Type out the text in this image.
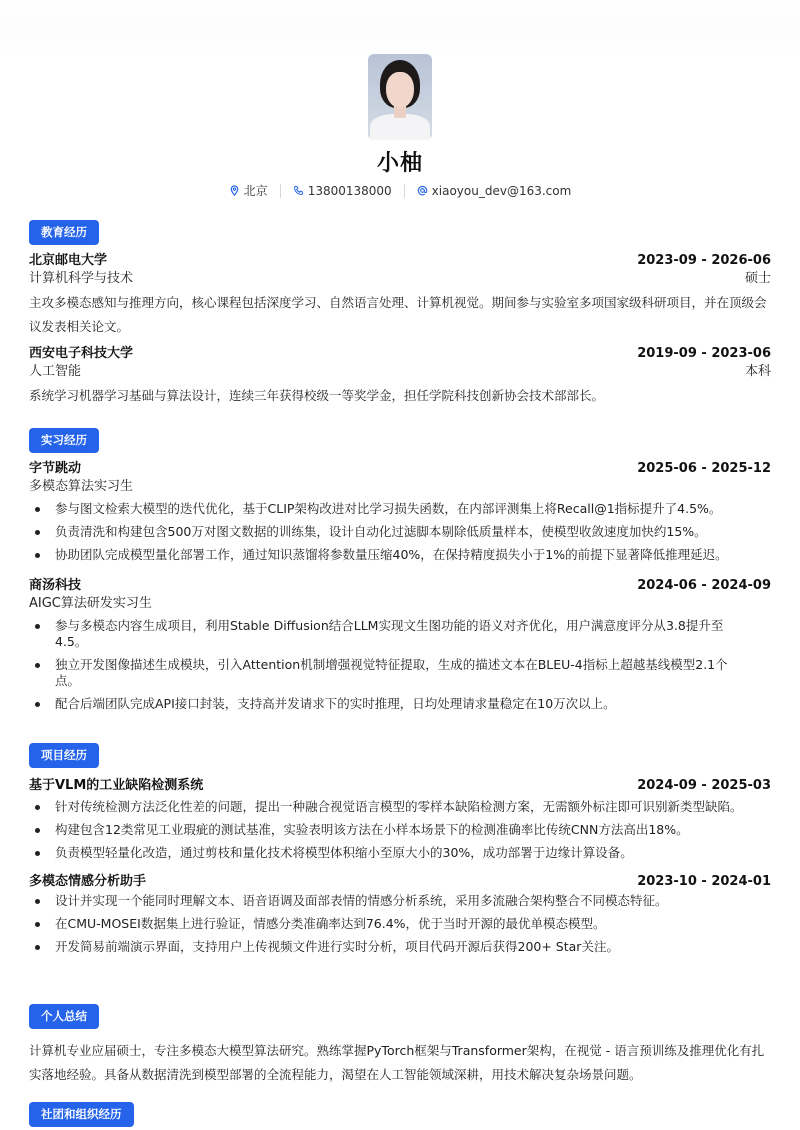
小柚
北京	13800138000	xiaoyou_dev@163.com
教育经历
北京邮电大学	2023-09 - 2026-06
计算机科学与技术	硕士
主攻多模态感知与推理方向，核心课程包括深度学习、自然语言处理、计算机视觉。期间参与实验室多项国家级科研项目，并在顶级会议发表相关论文。
西安电子科技大学	2019-09 - 2023-06
人工智能	本科
系统学习机器学习基础与算法设计，连续三年获得校级一等奖学金，担任学院科技创新协会技术部部长。
实习经历
字节跳动	2025-06 - 2025-12
多模态算法实习生
参与图文检索大模型的迭代优化，基于CLIP架构改进对比学习损失函数，在内部评测集上将Recall@1指标提升了4.5%。
负责清洗和构建包含500万对图文数据的训练集，设计自动化过滤脚本剔除低质量样本，使模型收敛速度加快约15%。
协助团队完成模型量化部署工作，通过知识蒸馏将参数量压缩40%，在保持精度损失小于1%的前提下显著降低推理延迟。
商汤科技	2024-06 - 2024-09
AIGC算法研发实习生
参与多模态内容生成项目，利用Stable Diffusion结合LLM实现文生图功能的语义对齐优化，用户满意度评分从3.8提升至4.5。
独立开发图像描述生成模块，引入Attention机制增强视觉特征提取，生成的描述文本在BLEU-4指标上超越基线模型2.1个点。
配合后端团队完成API接口封装，支持高并发请求下的实时推理，日均处理请求量稳定在10万次以上。
项目经历
基于VLM的工业缺陷检测系统	2024-09 - 2025-03
针对传统检测方法泛化性差的问题，提出一种融合视觉语言模型的零样本缺陷检测方案，无需额外标注即可识别新类型缺陷。
构建包含12类常见工业瑕疵的测试基准，实验表明该方法在小样本场景下的检测准确率比传统CNN方法高出18%。
负责模型轻量化改造，通过剪枝和量化技术将模型体积缩小至原大小的30%，成功部署于边缘计算设备。
多模态情感分析助手	2023-10 - 2024-01
设计并实现一个能同时理解文本、语音语调及面部表情的情感分析系统，采用多流融合架构整合不同模态特征。
在CMU-MOSEI数据集上进行验证，情感分类准确率达到76.4%，优于当时开源的最优单模态模型。
开发简易前端演示界面，支持用户上传视频文件进行实时分析，项目代码开源后获得200+ Star关注。
个人总结
计算机专业应届硕士，专注多模态大模型算法研究。熟练掌握PyTorch框架与Transformer架构，在视觉 - 语言预训练及推理优化有扎实落地经验。具备从数据清洗到模型部署的全流程能力，渴望在人工智能领域深耕，用技术解决复杂场景问题。
社团和组织经历
